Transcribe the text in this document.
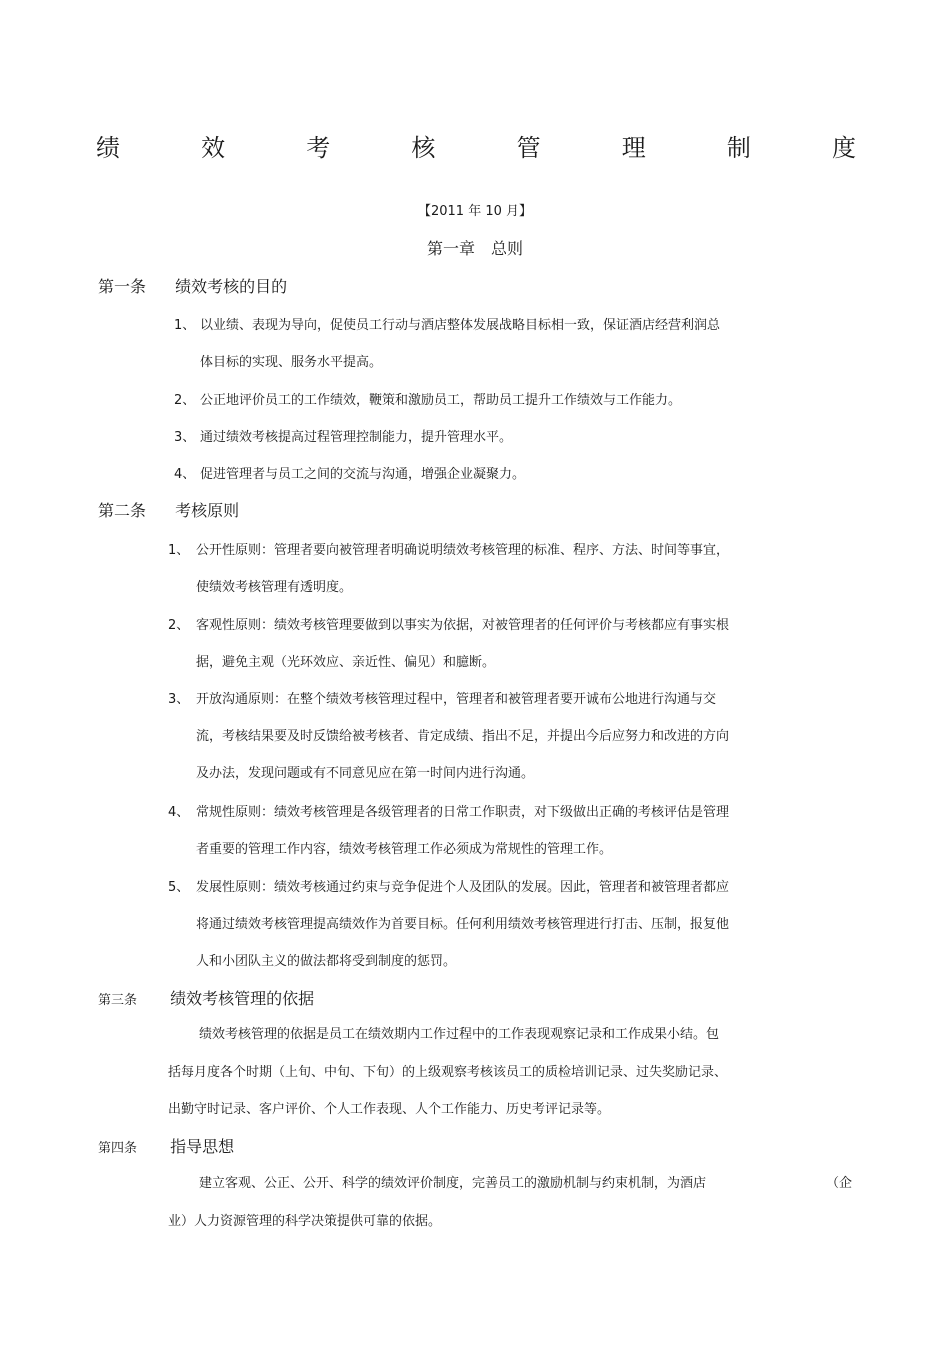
绩	效	考	核	管	理	制	度
【2011 年 10 月】
第一章　总则
第一条 绩效考核的目的
1、 以业绩、表现为导向，促使员工行动与酒店整体发展战略目标相一致，保证酒店经营利润总
体目标的实现、服务水平提高。
2、 公正地评价员工的工作绩效，鞭策和激励员工，帮助员工提升工作绩效与工作能力。
3、 通过绩效考核提高过程管理控制能力，提升管理水平。
4、 促进管理者与员工之间的交流与沟通，增强企业凝聚力。
第二条 考核原则
1、 公开性原则：管理者要向被管理者明确说明绩效考核管理的标准、程序、方法、时间等事宜，
使绩效考核管理有透明度。
2、 客观性原则：绩效考核管理要做到以事实为依据，对被管理者的任何评价与考核都应有事实根
据，避免主观（光环效应、亲近性、偏见）和臆断。
3、 开放沟通原则：在整个绩效考核管理过程中，管理者和被管理者要开诚布公地进行沟通与交
流，考核结果要及时反馈给被考核者、肯定成绩、指出不足，并提出今后应努力和改进的方向
及办法，发现问题或有不同意见应在第一时间内进行沟通。
4、 常规性原则：绩效考核管理是各级管理者的日常工作职责，对下级做出正确的考核评估是管理
者重要的管理工作内容，绩效考核管理工作必须成为常规性的管理工作。
5、 发展性原则：绩效考核通过约束与竞争促进个人及团队的发展。因此，管理者和被管理者都应
将通过绩效考核管理提高绩效作为首要目标。任何利用绩效考核管理进行打击、压制，报复他
人和小团队主义的做法都将受到制度的惩罚。
第三条 绩效考核管理的依据
绩效考核管理的依据是员工在绩效期内工作过程中的工作表现观察记录和工作成果小结。包
括每月度各个时期（上旬、中旬、下旬）的上级观察考核该员工的质检培训记录、过失奖励记录、
出勤守时记录、客户评价、个人工作表现、人个工作能力、历史考评记录等。
第四条 指导思想
建立客观、公正、公开、科学的绩效评价制度，完善员工的激励机制与约束机制，为酒店	（企
业）人力资源管理的科学决策提供可靠的依据。
